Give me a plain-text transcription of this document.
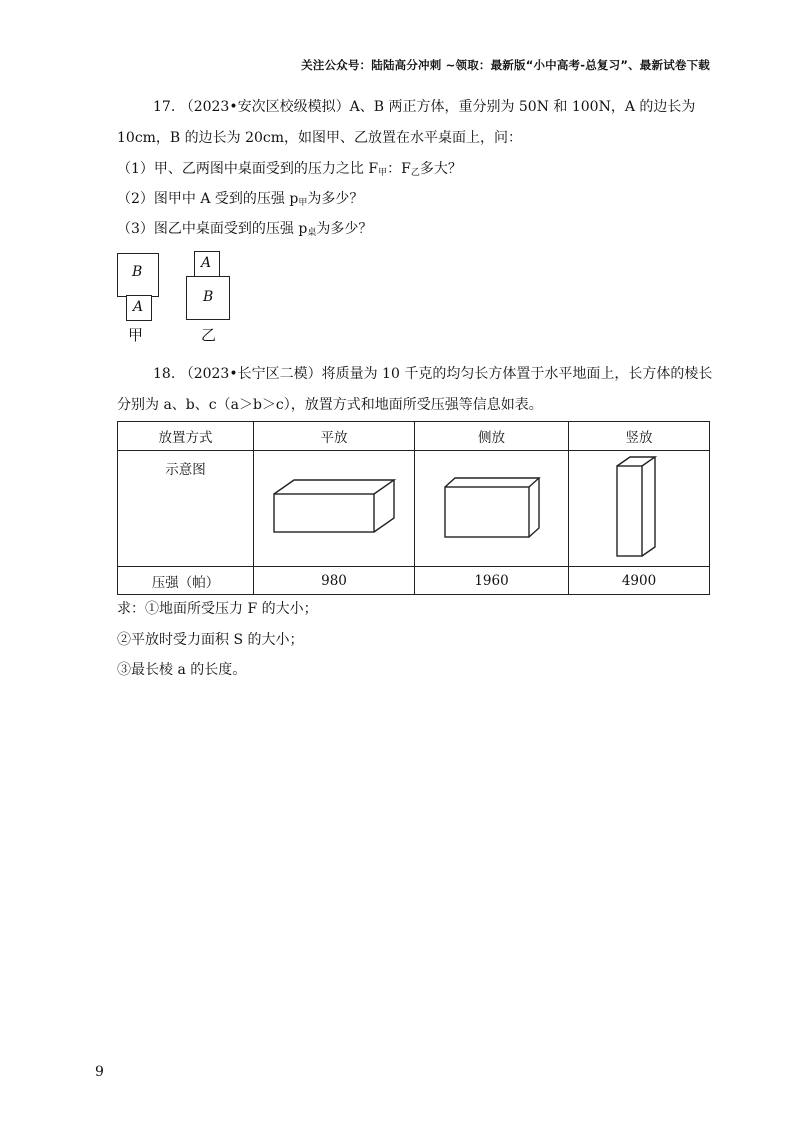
关注公众号：陆陆高分冲刺 ~领取：最新版“小中高考-总复习”、最新试卷下载
17. （2023•安次区校级模拟）A、B 两正方体，重分别为 50N 和 100N，A 的边长为
10cm，B 的边长为 20cm，如图甲、乙放置在水平桌面上，问：
（1）甲、乙两图中桌面受到的压力之比 $F_甲$：$F_乙$多大？
（2）图甲中 A 受到的压强 $p_甲$为多少？
（3）图乙中桌面受到的压强 $p_桌$为多少？
B
A
甲
A
B
乙
18. （2023•长宁区二模）将质量为 10 千克的均匀长方体置于水平地面上，长方体的棱长
分别为 a、b、c（a＞b＞c），放置方式和地面所受压强等信息如表。
放置方式	平放	侧放	竖放
示意图			
压强（帕）	980	1960	4900
求：①地面所受压力 F 的大小；
②平放时受力面积 S 的大小；
③最长棱 a 的长度。
9
